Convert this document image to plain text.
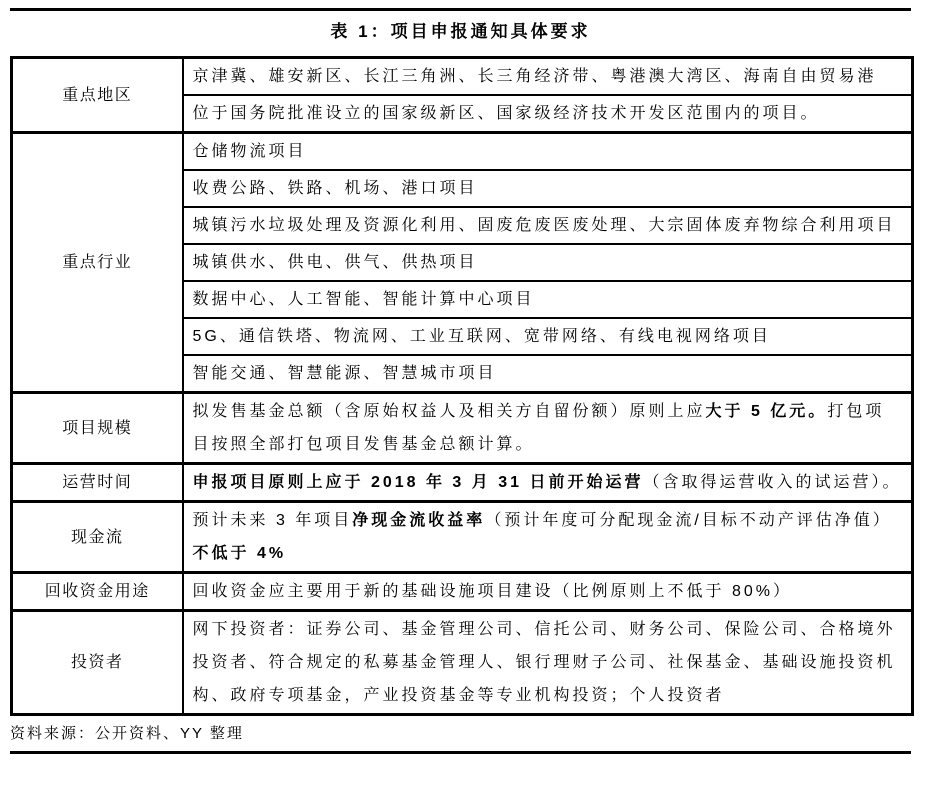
表 1：项目申报通知具体要求
重点地区	京津冀、雄安新区、长江三角洲、长三角经济带、粤港澳大湾区、海南自由贸易港
	位于国务院批准设立的国家级新区、国家级经济技术开发区范围内的项目。
重点行业	仓储物流项目
	收费公路、铁路、机场、港口项目
	城镇污水垃圾处理及资源化利用、固废危废医废处理、大宗固体废弃物综合利用项目
	城镇供水、供电、供气、供热项目
	数据中心、人工智能、智能计算中心项目
	5G、通信铁塔、物流网、工业互联网、宽带网络、有线电视网络项目
	智能交通、智慧能源、智慧城市项目
项目规模	拟发售基金总额（含原始权益人及相关方自留份额）原则上应大于 5 亿元。打包项目按照全部打包项目发售基金总额计算。
运营时间	申报项目原则上应于 2018 年 3 月 31 日前开始运营（含取得运营收入的试运营）。
现金流	预计未来 3 年项目净现金流收益率（预计年度可分配现金流/目标不动产评估净值）不低于 4%
回收资金用途	回收资金应主要用于新的基础设施项目建设（比例原则上不低于 80%）
投资者	网下投资者：证券公司、基金管理公司、信托公司、财务公司、保险公司、合格境外投资者、符合规定的私募基金管理人、银行理财子公司、社保基金、基础设施投资机构、政府专项基金，产业投资基金等专业机构投资；个人投资者
资料来源：公开资料、YY 整理
